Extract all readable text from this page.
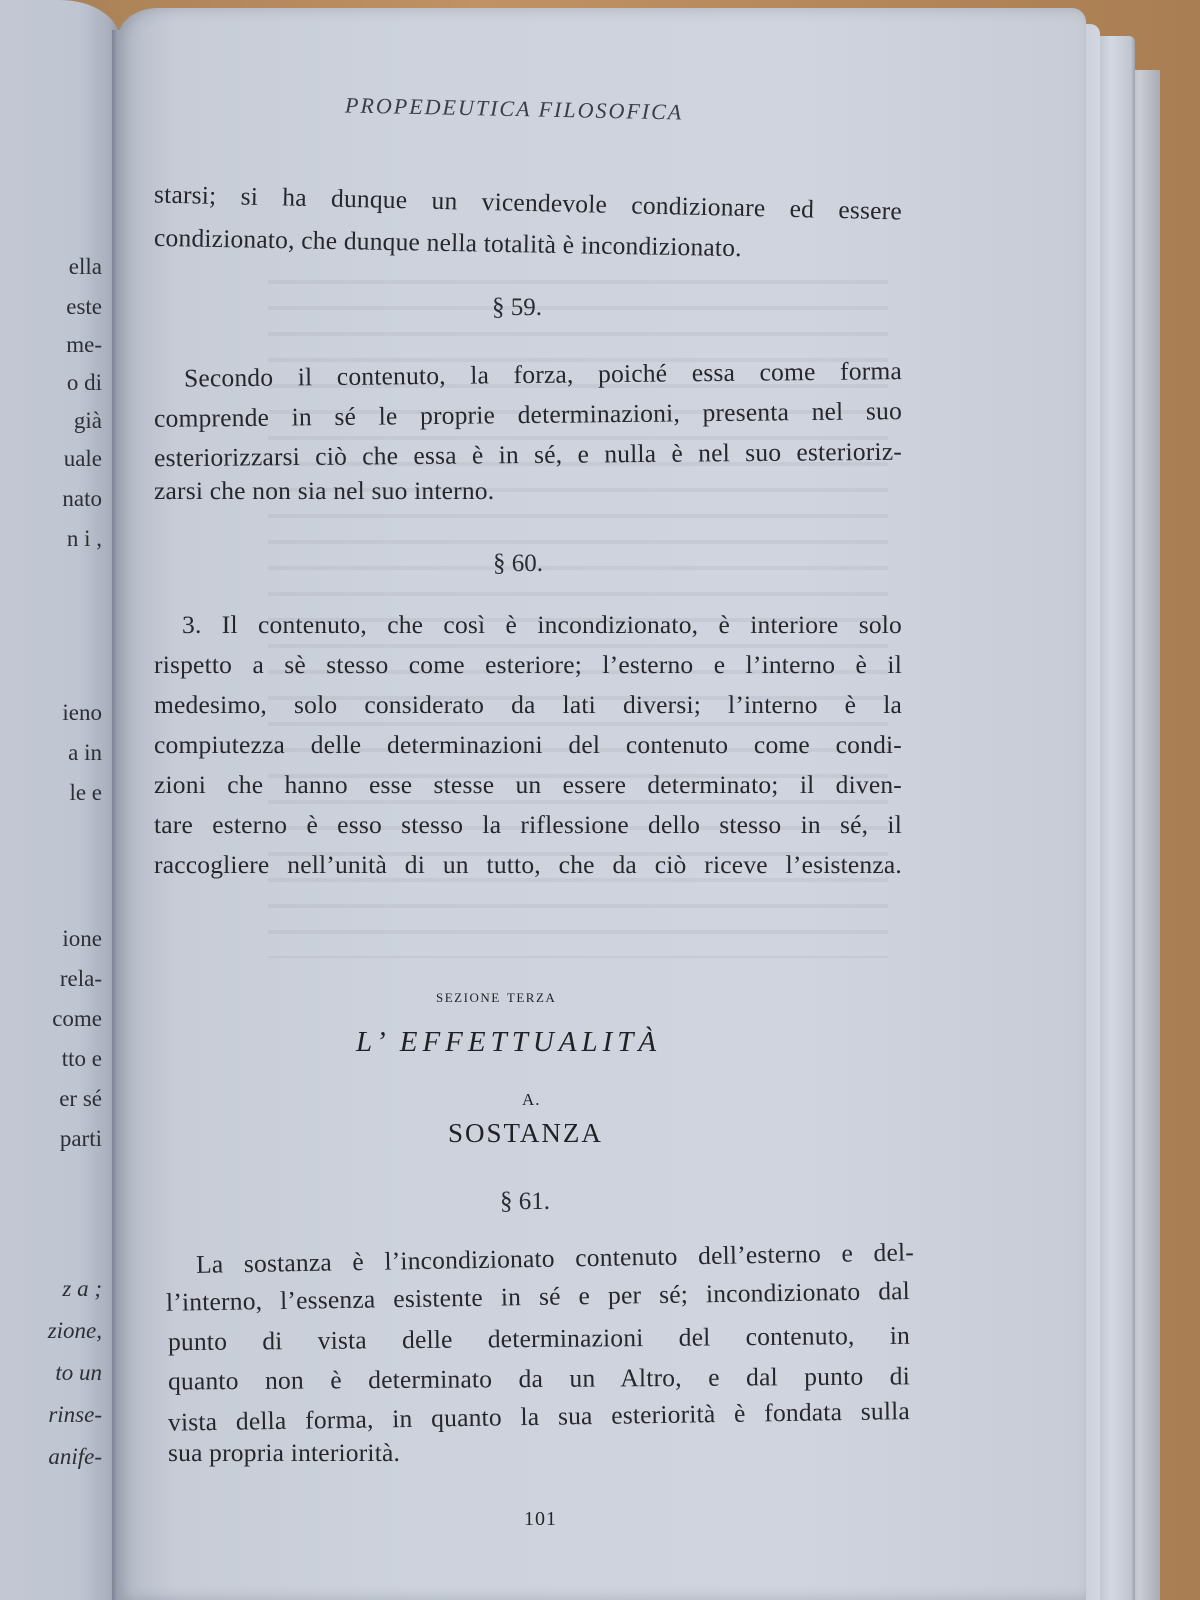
ella
este
me-
o di
già
uale
nato
n i ,
ieno
a in
le e
ione
rela-
come
tto e
er sé
parti
z a ;
zione,
to un
rinse-
anife-
PROPEDEUTICA FILOSOFICA
starsi; si ha dunque un vicendevole condizionare ed essere
condizionato, che dunque nella totalità è incondizionato.
§ 59.
Secondo il contenuto, la forza, poiché essa come forma
comprende in sé le proprie determinazioni, presenta nel suo
esteriorizzarsi ciò che essa è in sé, e nulla è nel suo esterioriz-
zarsi che non sia nel suo interno.
§ 60.
3. Il contenuto, che così è incondizionato, è interiore solo
rispetto a sè stesso come esteriore; l’esterno e l’interno è il
medesimo, solo considerato da lati diversi; l’interno è la
compiutezza delle determinazioni del contenuto come condi-
zioni che hanno esse stesse un essere determinato; il diven-
tare esterno è esso stesso la riflessione dello stesso in sé, il
raccogliere nell’unità di un tutto, che da ciò riceve l’esistenza.
sezione terza
L’ EFFETTUALITÀ
A.
SOSTANZA
§ 61.
La sostanza è l’incondizionato contenuto dell’esterno e del-
l’interno, l’essenza esistente in sé e per sé; incondizionato dal
punto di vista delle determinazioni del contenuto, in
quanto non è determinato da un Altro, e dal punto di
vista della forma, in quanto la sua esteriorità è fondata sulla
sua propria interiorità.
101
